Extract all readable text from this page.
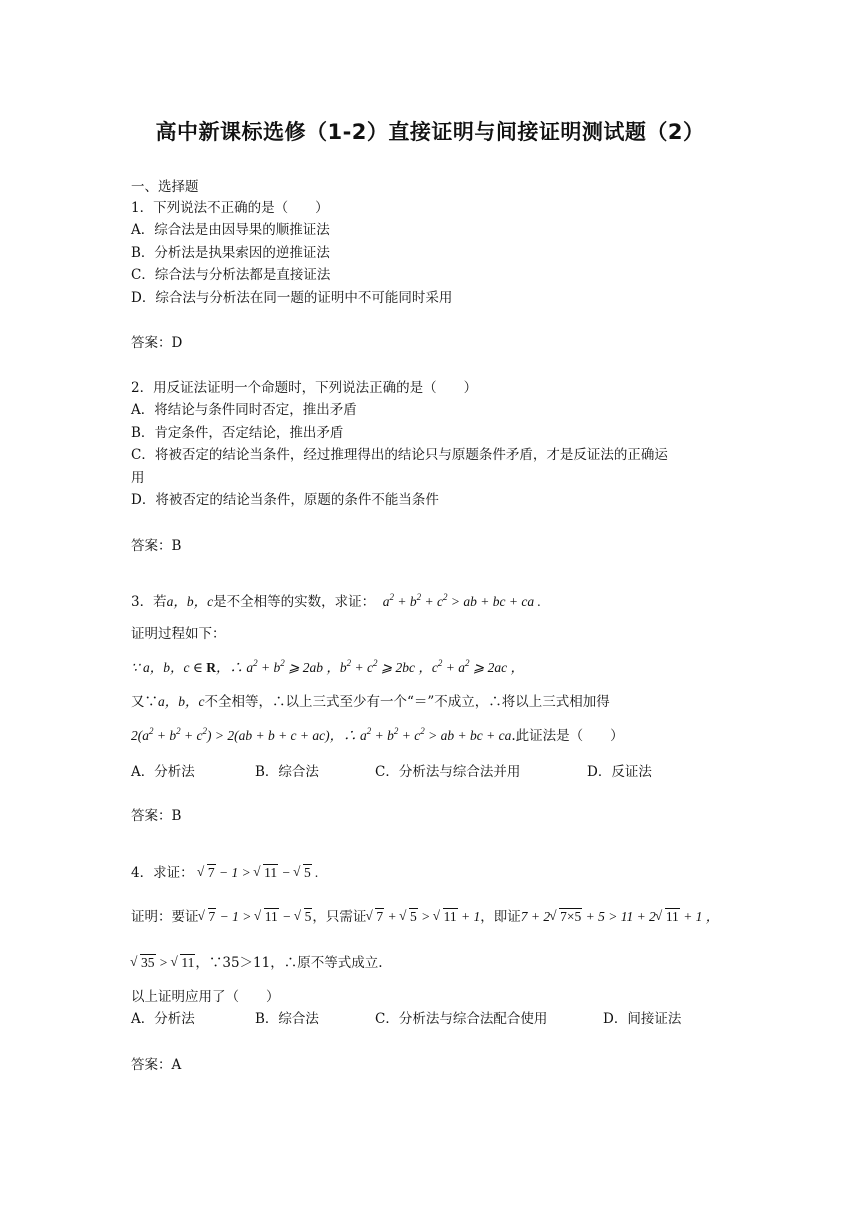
高中新课标选修（1-2）直接证明与间接证明测试题（2）
一、选择题
1．下列说法不正确的是（　　）
A．综合法是由因导果的顺推证法
B．分析法是执果索因的逆推证法
C．综合法与分析法都是直接证法
D．综合法与分析法在同一题的证明中不可能同时采用
答案：D
2．用反证法证明一个命题时，下列说法正确的是（　　）
A．将结论与条件同时否定，推出矛盾
B．肯定条件，否定结论，推出矛盾
C．将被否定的结论当条件，经过推理得出的结论只与原题条件矛盾，才是反证法的正确运
用
D．将被否定的结论当条件，原题的条件不能当条件
答案：B
3．若a，b，c是不全相等的实数，求证：  $a^2 + b^2 + c^2$ > ab + bc + ca .
证明过程如下：
∵ a，b，c ∈ R，∴ $a^2 + b^2$ ⩾ 2ab ，$b^2 + c^2$ ⩾ 2bc ，$c^2 + a^2$ ⩾ 2ac ，
又∵a，b，c不全相等，∴以上三式至少有一个“＝”不成立，∴将以上三式相加得
$2(a^2 + b^2 + c^2) > 2(ab + b + c + ac)$，∴ $a^2 + b^2 + c^2$ > ab + bc + ca.此证法是（　　）
A．分析法	B．综合法	C．分析法与综合法并用	D．反证法
答案：B
4．求证： √ 7 − 1 > √ 11 − √ 5 .
证明：要证 √ 7 − 1 > √ 11 − √ 5，只需证 √ 7 + √ 5 > √ 11 + 1，即证7 + 2 √ 7×5 + 5 > 11 + 2 √ 11 + 1 ，
√ 35 > √ 11，∵35＞11，∴原不等式成立.
以上证明应用了（　　）
A．分析法	B．综合法	C．分析法与综合法配合使用	D．间接证法
答案：A
